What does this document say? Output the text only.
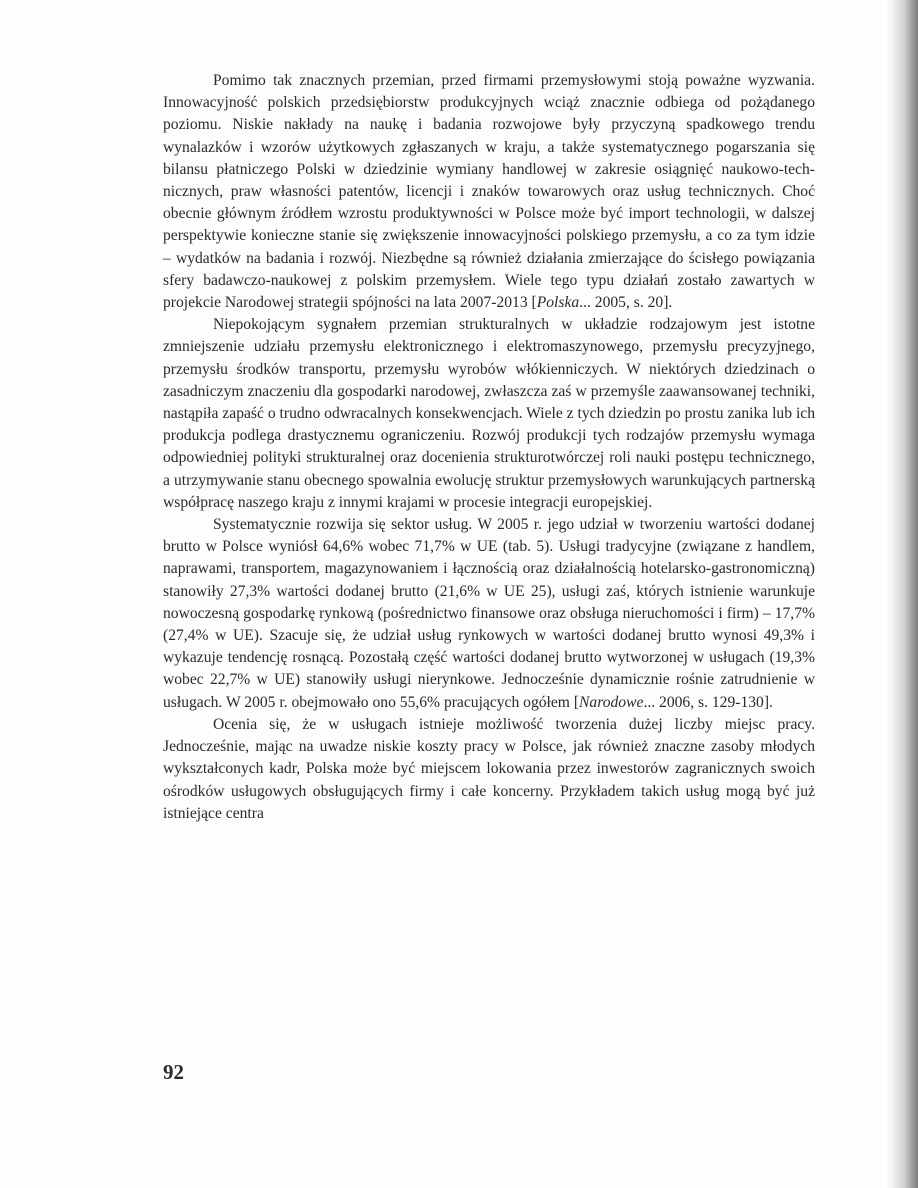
Pomimo tak znacznych przemian, przed firmami przemysłowymi stoją poważne wyzwania. Innowacyjność polskich przedsiębiorstw produkcyjnych wciąż znacznie odbiega od pożądanego poziomu. Niskie nakłady na naukę i badania rozwojowe były przyczyną spadkowego trendu wynalazków i wzorów użytkowych zgłaszanych w kraju, a także systematycznego pogarszania się bilansu płatniczego Polski w dziedzinie wymiany handlowej w zakresie osiągnięć naukowo-technicznych, praw własności patentów, licencji i znaków towarowych oraz usług technicznych. Choć obecnie głównym źródłem wzrostu produktywności w Polsce może być import technologii, w dalszej perspektywie konieczne stanie się zwiększenie innowacyjności polskiego przemysłu, a co za tym idzie – wydatków na badania i rozwój. Niezbędne są również działania zmierzające do ścisłego powiązania sfery badawczo-naukowej z polskim przemysłem. Wiele tego typu działań zostało zawartych w projekcie Narodowej strategii spójności na lata 2007-2013 [Polska... 2005, s. 20].

Niepokojącym sygnałem przemian strukturalnych w układzie rodzajowym jest istotne zmniejszenie udziału przemysłu elektronicznego i elektromaszynowego, przemysłu precyzyjnego, przemysłu środków transportu, przemysłu wyrobów włókienniczych. W niektórych dziedzinach o zasadniczym znaczeniu dla gospodarki narodowej, zwłaszcza zaś w przemyśle zaawansowanej techniki, nastąpiła zapaść o trudno odwracalnych konsekwencjach. Wiele z tych dziedzin po prostu zanika lub ich produkcja podlega drastycznemu ograniczeniu. Rozwój produkcji tych rodzajów przemysłu wymaga odpowiedniej polityki strukturalnej oraz docenienia strukturotwórczej roli nauki postępu technicznego, a utrzymywanie stanu obecnego spowalnia ewolucję struktur przemysłowych warunkujących partnerską współpracę naszego kraju z innymi krajami w procesie integracji europejskiej.

Systematycznie rozwija się sektor usług. W 2005 r. jego udział w tworzeniu wartości dodanej brutto w Polsce wyniósł 64,6% wobec 71,7% w UE (tab. 5). Usługi tradycyjne (związane z handlem, naprawami, transportem, magazynowaniem i łącznością oraz działalnością hotelarsko-gastronomiczną) stanowiły 27,3% wartości dodanej brutto (21,6% w UE 25), usługi zaś, których istnienie warunkuje nowoczesną gospodarkę rynkową (pośrednictwo finansowe oraz obsługa nieruchomości i firm) – 17,7% (27,4% w UE). Szacuje się, że udział usług rynkowych w wartości dodanej brutto wynosi 49,3% i wykazuje tendencję rosnącą. Pozostałą część wartości dodanej brutto wytworzonej w usługach (19,3% wobec 22,7% w UE) stanowiły usługi nierynkowe. Jednocześnie dynamicznie rośnie zatrudnienie w usługach. W 2005 r. obejmowało ono 55,6% pracujących ogółem [Narodowe... 2006, s. 129-130].

Ocenia się, że w usługach istnieje możliwość tworzenia dużej liczby miejsc pracy. Jednocześnie, mając na uwadze niskie koszty pracy w Polsce, jak również znaczne zasoby młodych wykształconych kadr, Polska może być miejscem lokowania przez inwestorów zagranicznych swoich ośrodków usługowych obsługujących firmy i całe koncerny. Przykładem takich usług mogą być już istniejące centra

92
